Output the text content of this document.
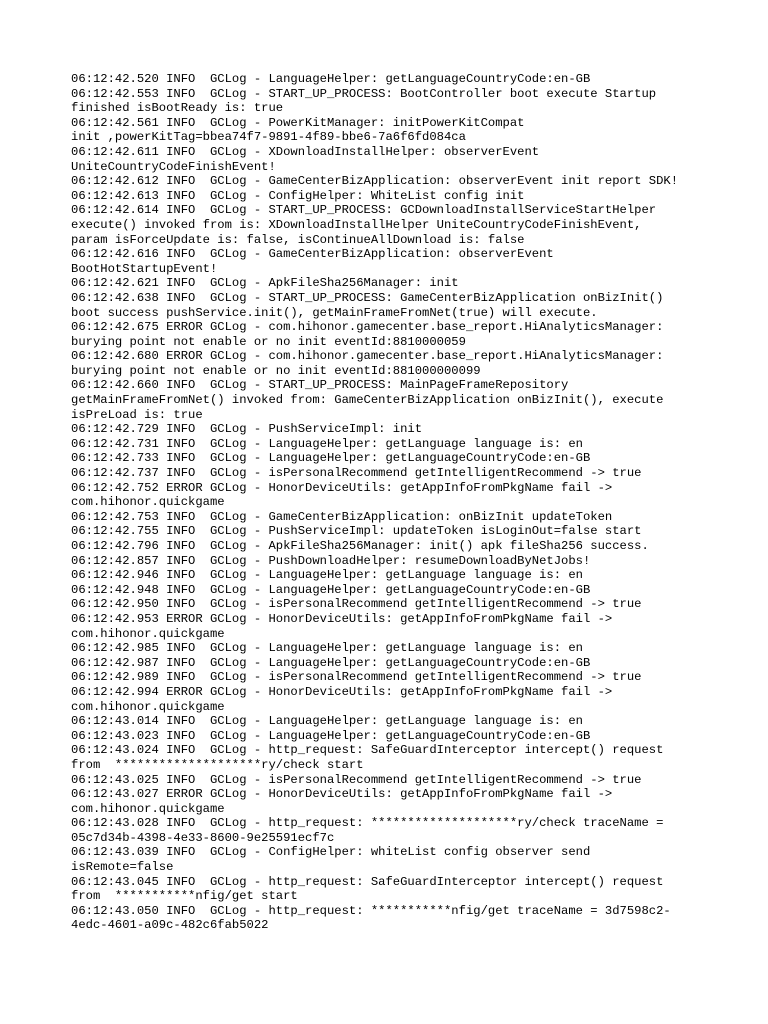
06:12:42.520 INFO  GCLog - LanguageHelper: getLanguageCountryCode:en-GB
06:12:42.553 INFO  GCLog - START_UP_PROCESS: BootController boot execute Startup
finished isBootReady is: true
06:12:42.561 INFO  GCLog - PowerKitManager: initPowerKitCompat
init ,powerKitTag=bbea74f7-9891-4f89-bbe6-7a6f6fd084ca
06:12:42.611 INFO  GCLog - XDownloadInstallHelper: observerEvent
UniteCountryCodeFinishEvent!
06:12:42.612 INFO  GCLog - GameCenterBizApplication: observerEvent init report SDK!
06:12:42.613 INFO  GCLog - ConfigHelper: WhiteList config init
06:12:42.614 INFO  GCLog - START_UP_PROCESS: GCDownloadInstallServiceStartHelper
execute() invoked from is: XDownloadInstallHelper UniteCountryCodeFinishEvent,
param isForceUpdate is: false, isContinueAllDownload is: false
06:12:42.616 INFO  GCLog - GameCenterBizApplication: observerEvent
BootHotStartupEvent!
06:12:42.621 INFO  GCLog - ApkFileSha256Manager: init
06:12:42.638 INFO  GCLog - START_UP_PROCESS: GameCenterBizApplication onBizInit()
boot success pushService.init(), getMainFrameFromNet(true) will execute.
06:12:42.675 ERROR GCLog - com.hihonor.gamecenter.base_report.HiAnalyticsManager:
burying point not enable or no init eventId:8810000059
06:12:42.680 ERROR GCLog - com.hihonor.gamecenter.base_report.HiAnalyticsManager:
burying point not enable or no init eventId:881000000099
06:12:42.660 INFO  GCLog - START_UP_PROCESS: MainPageFrameRepository
getMainFrameFromNet() invoked from: GameCenterBizApplication onBizInit(), execute
isPreLoad is: true
06:12:42.729 INFO  GCLog - PushServiceImpl: init
06:12:42.731 INFO  GCLog - LanguageHelper: getLanguage language is: en
06:12:42.733 INFO  GCLog - LanguageHelper: getLanguageCountryCode:en-GB
06:12:42.737 INFO  GCLog - isPersonalRecommend getIntelligentRecommend -> true
06:12:42.752 ERROR GCLog - HonorDeviceUtils: getAppInfoFromPkgName fail ->
com.hihonor.quickgame
06:12:42.753 INFO  GCLog - GameCenterBizApplication: onBizInit updateToken
06:12:42.755 INFO  GCLog - PushServiceImpl: updateToken isLoginOut=false start
06:12:42.796 INFO  GCLog - ApkFileSha256Manager: init() apk fileSha256 success.
06:12:42.857 INFO  GCLog - PushDownloadHelper: resumeDownloadByNetJobs!
06:12:42.946 INFO  GCLog - LanguageHelper: getLanguage language is: en
06:12:42.948 INFO  GCLog - LanguageHelper: getLanguageCountryCode:en-GB
06:12:42.950 INFO  GCLog - isPersonalRecommend getIntelligentRecommend -> true
06:12:42.953 ERROR GCLog - HonorDeviceUtils: getAppInfoFromPkgName fail ->
com.hihonor.quickgame
06:12:42.985 INFO  GCLog - LanguageHelper: getLanguage language is: en
06:12:42.987 INFO  GCLog - LanguageHelper: getLanguageCountryCode:en-GB
06:12:42.989 INFO  GCLog - isPersonalRecommend getIntelligentRecommend -> true
06:12:42.994 ERROR GCLog - HonorDeviceUtils: getAppInfoFromPkgName fail ->
com.hihonor.quickgame
06:12:43.014 INFO  GCLog - LanguageHelper: getLanguage language is: en
06:12:43.023 INFO  GCLog - LanguageHelper: getLanguageCountryCode:en-GB
06:12:43.024 INFO  GCLog - http_request: SafeGuardInterceptor intercept() request
from  ********************ry/check start
06:12:43.025 INFO  GCLog - isPersonalRecommend getIntelligentRecommend -> true
06:12:43.027 ERROR GCLog - HonorDeviceUtils: getAppInfoFromPkgName fail ->
com.hihonor.quickgame
06:12:43.028 INFO  GCLog - http_request: ********************ry/check traceName =
05c7d34b-4398-4e33-8600-9e25591ecf7c
06:12:43.039 INFO  GCLog - ConfigHelper: whiteList config observer send
isRemote=false
06:12:43.045 INFO  GCLog - http_request: SafeGuardInterceptor intercept() request
from  ***********nfig/get start
06:12:43.050 INFO  GCLog - http_request: ***********nfig/get traceName = 3d7598c2-
4edc-4601-a09c-482c6fab5022
